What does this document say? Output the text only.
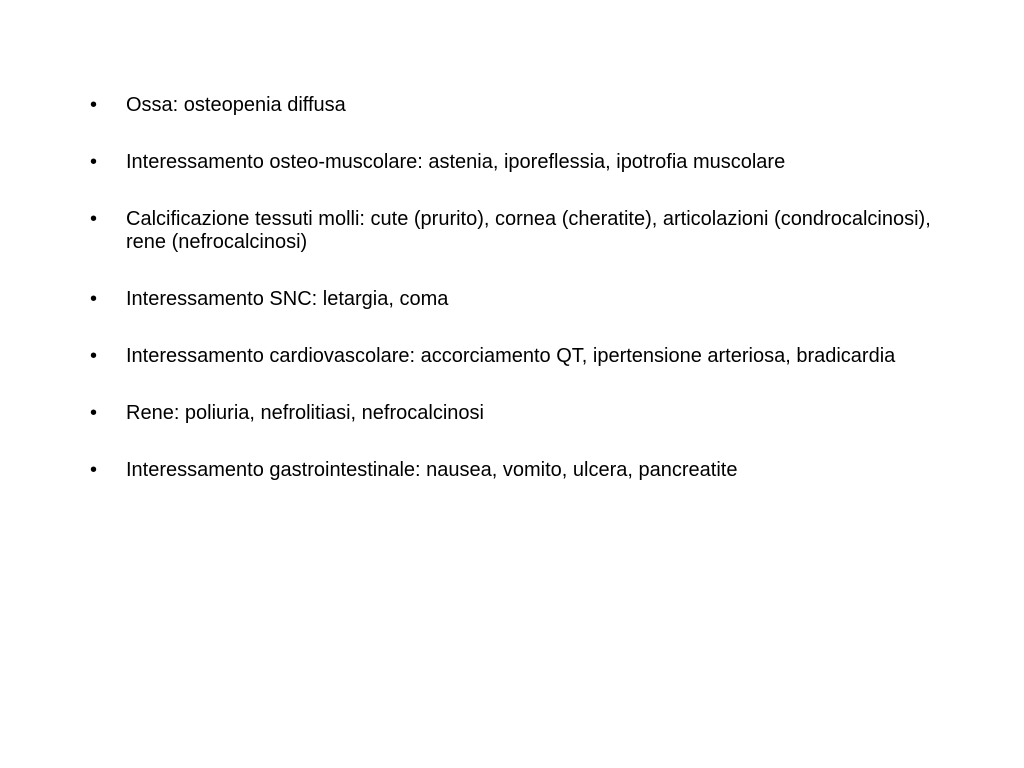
•	Ossa: osteopenia diffusa
•	Interessamento osteo-muscolare: astenia, iporeflessia, ipotrofia muscolare
•	Calcificazione tessuti molli: cute (prurito), cornea (cheratite), articolazioni (condrocalcinosi), rene (nefrocalcinosi)
•	Interessamento SNC: letargia, coma
•	Interessamento cardiovascolare: accorciamento QT, ipertensione arteriosa, bradicardia
•	Rene: poliuria, nefrolitiasi, nefrocalcinosi
•	Interessamento gastrointestinale: nausea, vomito, ulcera, pancreatite
